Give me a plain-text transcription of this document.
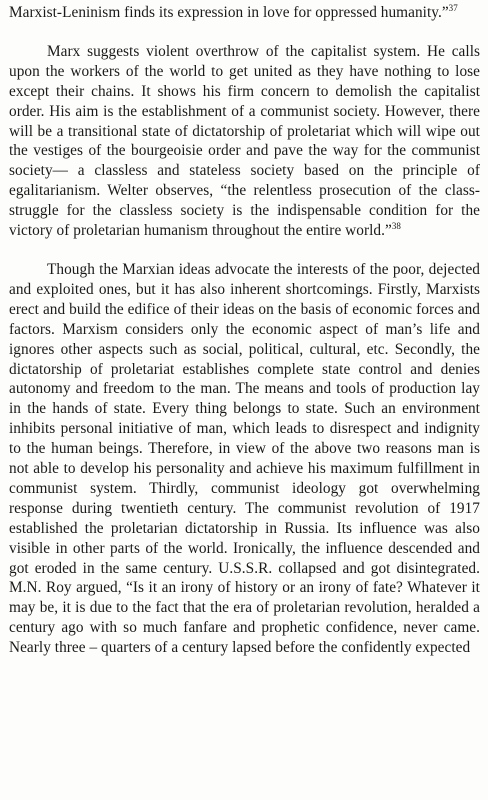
Marxist-Leninism finds its expression in love for oppressed humanity.”$^{37}$

Marx suggests violent overthrow of the capitalist system. He calls upon the workers of the world to get united as they have nothing to lose except their chains. It shows his firm concern to demolish the capitalist order. His aim is the establishment of a communist society. However, there will be a transitional state of dictatorship of proletariat which will wipe out the vestiges of the bourgeoisie order and pave the way for the communist society— a classless and stateless society based on the principle of egalitarianism. Welter observes, “the relentless prosecution of the class-struggle for the classless society is the indispensable condition for the victory of proletarian humanism throughout the entire world.”$^{38}$

Though the Marxian ideas advocate the interests of the poor, dejected and exploited ones, but it has also inherent shortcomings. Firstly, Marxists erect and build the edifice of their ideas on the basis of economic forces and factors. Marxism considers only the economic aspect of man’s life and ignores other aspects such as social, political, cultural, etc. Secondly, the dictatorship of proletariat establishes complete state control and denies autonomy and freedom to the man. The means and tools of production lay in the hands of state. Every thing belongs to state. Such an environment inhibits personal initiative of man, which leads to disrespect and indignity to the human beings. Therefore, in view of the above two reasons man is not able to develop his personality and achieve his maximum fulfillment in communist system. Thirdly, communist ideology got overwhelming response during twentieth century. The communist revolution of 1917 established the proletarian dictatorship in Russia. Its influence was also visible in other parts of the world. Ironically, the influence descended and got eroded in the same century. U.S.S.R. collapsed and got disintegrated. M.N. Roy argued, “Is it an irony of history or an irony of fate? Whatever it may be, it is due to the fact that the era of proletarian revolution, heralded a century ago with so much fanfare and prophetic confidence, never came. Nearly three – quarters of a century lapsed before the confidently expected
